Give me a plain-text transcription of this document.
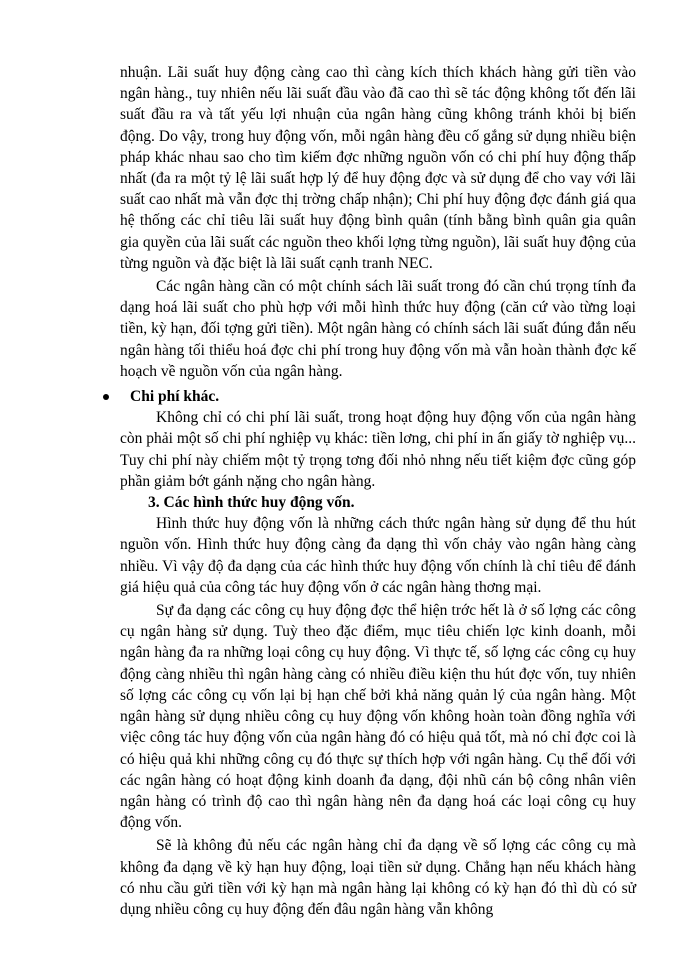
nhuận. Lãi suất huy động càng cao thì càng kích thích khách hàng gửi tiền vào ngân hàng., tuy nhiên nếu lãi suất đầu vào đã cao thì sẽ tác động không tốt đến lãi suất đầu ra và tất yếu lợi nhuận của ngân hàng cũng không tránh khỏi bị biến động. Do vậy, trong huy động vốn, mỗi ngân hàng đều cố gắng sử dụng nhiều biện pháp khác nhau sao cho tìm kiếm đợc những nguồn vốn có chi phí huy động thấp nhất (đa ra một tỷ lệ lãi suất hợp lý để huy động đợc và sử dụng để cho vay với lãi suất cao nhất mà vẫn đợc thị trờng chấp nhận); Chi phí huy động đợc đánh giá qua hệ thống các chỉ tiêu lãi suất huy động bình quân (tính bằng bình quân gia quân gia quyền của lãi suất các nguồn theo khối lợng từng nguồn), lãi suất huy động của từng nguồn và đặc biệt là lãi suất cạnh tranh NEC.

Các ngân hàng cần có một chính sách lãi suất trong đó cần chú trọng tính đa dạng hoá lãi suất cho phù hợp với mỗi hình thức huy động (căn cứ vào từng loại tiền, kỳ hạn, đối tợng gửi tiền). Một ngân hàng có chính sách lãi suất đúng đắn nếu ngân hàng tối thiểu hoá đợc chi phí trong huy động vốn mà vẫn hoàn thành đợc kế hoạch về nguồn vốn của ngân hàng.

Chi phí khác.

Không chỉ có chi phí lãi suất, trong hoạt động huy động vốn của ngân hàng còn phải một số chi phí nghiệp vụ khác: tiền lơng, chi phí in ấn giấy tờ nghiệp vụ... Tuy chi phí này chiếm một tỷ trọng tơng đối nhỏ nhng nếu tiết kiệm đợc cũng góp phần giảm bớt gánh nặng cho ngân hàng.

3. Các hình thức huy động vốn.

Hình thức huy động vốn là những cách thức ngân hàng sử dụng để thu hút nguồn vốn. Hình thức huy động càng đa dạng thì vốn chảy vào ngân hàng càng nhiều. Vì vậy độ đa dạng của các hình thức huy động vốn chính là chỉ tiêu để đánh giá hiệu quả của công tác huy động vốn ở các ngân hàng thơng mại.

Sự đa dạng các công cụ huy động đợc thể hiện trớc hết là ở số lợng các công cụ ngân hàng sử dụng. Tuỳ theo đặc điểm, mục tiêu chiến lợc kinh doanh, mỗi ngân hàng đa ra những loại công cụ huy động. Vì thực tế, số lợng các công cụ huy động càng nhiều thì ngân hàng càng có nhiều điều kiện thu hút đợc vốn, tuy nhiên số lợng các công cụ vốn lại bị hạn chế bởi khả năng quản lý của ngân hàng. Một ngân hàng sử dụng nhiều công cụ huy động vốn không hoàn toàn đồng nghĩa với việc công tác huy động vốn của ngân hàng đó có hiệu quả tốt, mà nó chỉ đợc coi là có hiệu quả khi những công cụ đó thực sự thích hợp với ngân hàng. Cụ thể đối với các ngân hàng có hoạt động kinh doanh đa dạng, đội nhũ cán bộ công nhân viên ngân hàng có trình độ cao thì ngân hàng nên đa dạng hoá các loại công cụ huy động vốn.

Sẽ là không đủ nếu các ngân hàng chỉ đa dạng về số lợng các công cụ mà không đa dạng về kỳ hạn huy động, loại tiền sử dụng. Chẳng hạn nếu khách hàng có nhu cầu gửi tiền với kỳ hạn mà ngân hàng lại không có kỳ hạn đó thì dù có sử dụng nhiều công cụ huy động đến đâu ngân hàng vẫn không
